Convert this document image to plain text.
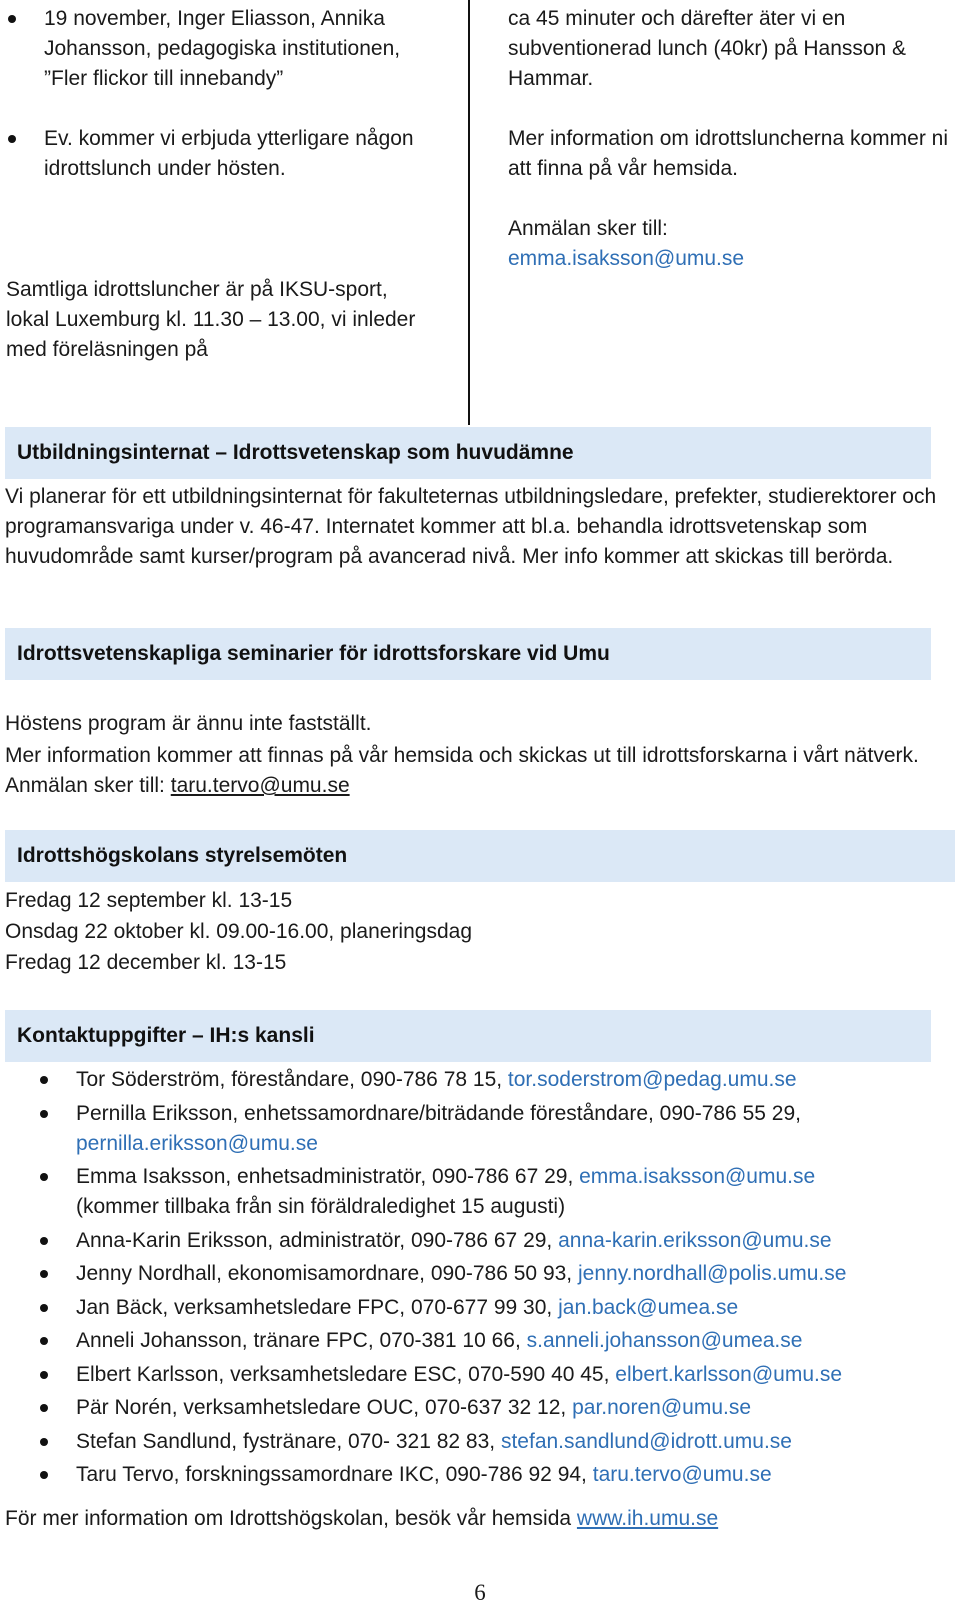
19 november, Inger Eliasson, Annika Johansson, pedagogiska institutionen, ”Fler flickor till innebandy”
Ev. kommer vi erbjuda ytterligare någon idrottslunch under hösten.
Samtliga idrottsluncher är på IKSU-sport, lokal Luxemburg kl. 11.30 – 13.00, vi inleder med föreläsningen på
ca 45 minuter och därefter äter vi en subventionerad lunch (40kr) på Hansson & Hammar.
Mer information om idrottsluncherna kommer ni att finna på vår hemsida.
Anmälan sker till:
emma.isaksson@umu.se
Utbildningsinternat – Idrottsvetenskap som huvudämne
Vi planerar för ett utbildningsinternat för fakulteternas utbildningsledare, prefekter, studierektorer och programansvariga under v. 46-47. Internatet kommer att bl.a. behandla idrottsvetenskap som huvudområde samt kurser/program på avancerad nivå. Mer info kommer att skickas till berörda.
Idrottsvetenskapliga seminarier för idrottsforskare vid Umu
Höstens program är ännu inte fastställt.
Mer information kommer att finnas på vår hemsida och skickas ut till idrottsforskarna i vårt nätverk. Anmälan sker till: taru.tervo@umu.se
Idrottshögskolans styrelsemöten
Fredag 12 september kl. 13-15
Onsdag 22 oktober kl. 09.00-16.00, planeringsdag
Fredag 12 december kl. 13-15
Kontaktuppgifter – IH:s kansli
Tor Söderström, föreståndare, 090-786 78 15, tor.soderstrom@pedag.umu.se
Pernilla Eriksson, enhetssamordnare/biträdande föreståndare, 090-786 55 29, pernilla.eriksson@umu.se
Emma Isaksson, enhetsadministratör, 090-786 67 29, emma.isaksson@umu.se
(kommer tillbaka från sin föräldraledighet 15 augusti)
Anna-Karin Eriksson, administratör, 090-786 67 29, anna-karin.eriksson@umu.se
Jenny Nordhall, ekonomisamordnare, 090-786 50 93, jenny.nordhall@polis.umu.se
Jan Bäck, verksamhetsledare FPC, 070-677 99 30, jan.back@umea.se
Anneli Johansson, tränare FPC, 070-381 10 66, s.anneli.johansson@umea.se
Elbert Karlsson, verksamhetsledare ESC, 070-590 40 45, elbert.karlsson@umu.se
Pär Norén, verksamhetsledare OUC, 070-637 32 12, par.noren@umu.se
Stefan Sandlund, fystränare, 070- 321 82 83, stefan.sandlund@idrott.umu.se
Taru Tervo, forskningssamordnare IKC, 090-786 92 94, taru.tervo@umu.se
För mer information om Idrottshögskolan, besök vår hemsida www.ih.umu.se
6
